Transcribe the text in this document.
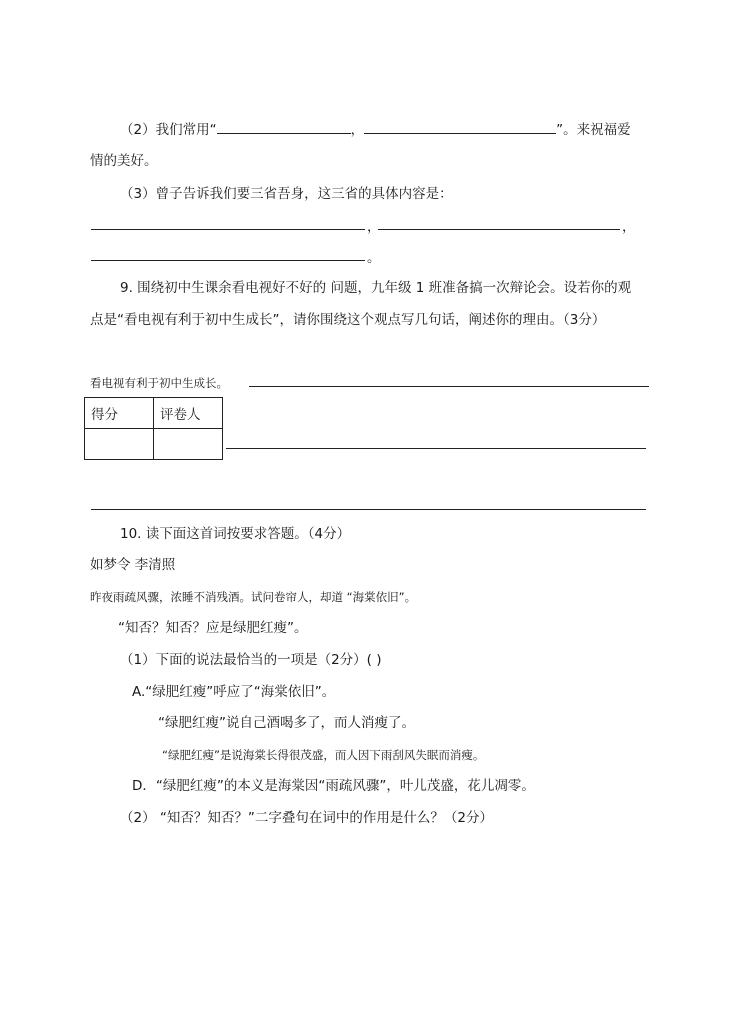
（2）我们常用“	，	”。来祝福爱
情的美好。
（3）曾子告诉我们要三省吾身，这三省的具体内容是：
，	，
。
9. 围绕初中生课余看电视好不好的 问题，九年级 1 班准备搞一次辩论会。设若你的观
点是“看电视有利于初中生成长”，请你围绕这个观点写几句话，阐述你的理由。（3分）
看电视有利于初中生成长。
得分	评卷人

10. 读下面这首词按要求答题。（4分）
如梦令 李清照
昨夜雨疏风骤，浓睡不消残酒。试问卷帘人，却道 “海棠依旧”。
“知否？知否？应是绿肥红瘦”。
（1）下面的说法最恰当的一项是（2分）( )
A.“绿肥红瘦”呼应了“海棠依旧”。
“绿肥红瘦”说自己酒喝多了，而人消瘦了。
“绿肥红瘦”是说海棠长得很茂盛，而人因下雨刮风失眠而消瘦。
D．“绿肥红瘦”的本义是海棠因“雨疏风骤”，叶儿茂盛，花儿凋零。
（2） “知否？知否？”二字叠句在词中的作用是什么？（2分）
